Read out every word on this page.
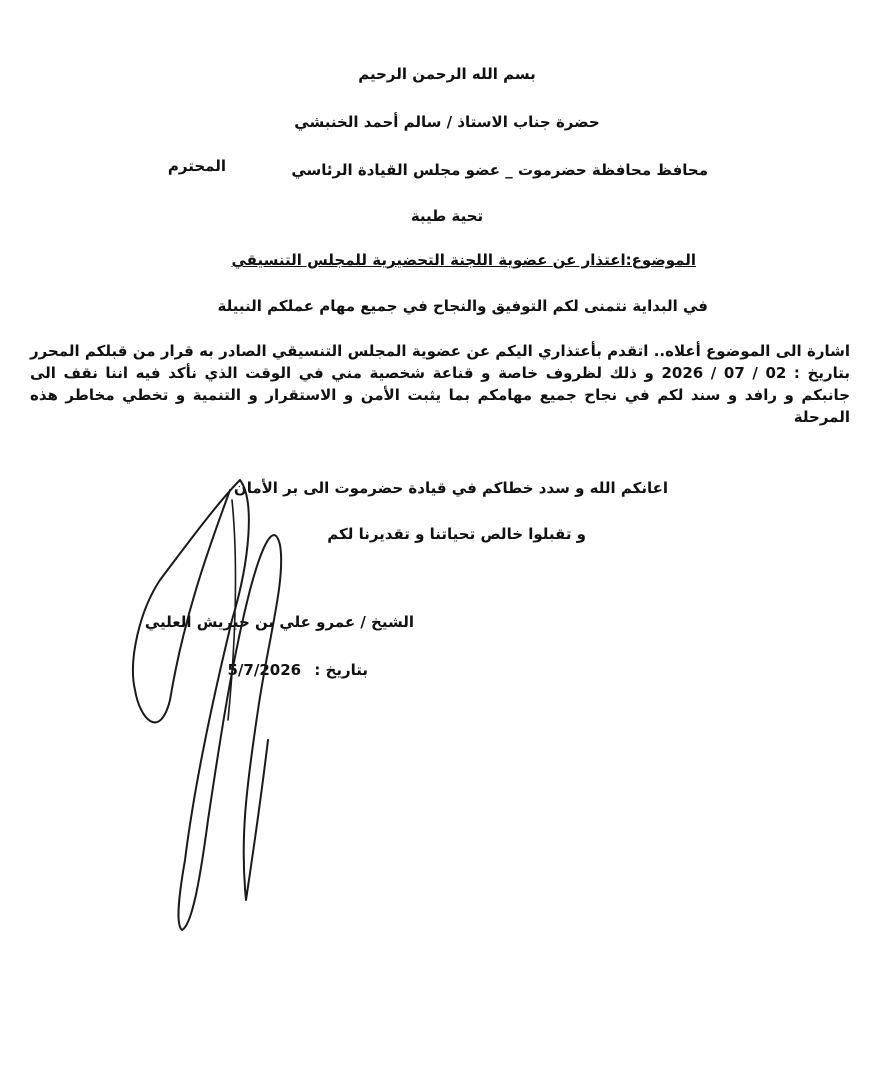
بسم الله الرحمن الرحيم
حضرة جناب الاستاذ / سالم أحمد الخنبشي
محافظ محافظة حضرموت _ عضو مجلس القيادة الرئاسي
المحترم
تحية طيبة
الموضوع:اعتذار عن عضوية اللجنة التحضيرية للمجلس التنسيقي
في البداية نتمنى لكم التوفيق والنجاح في جميع مهام عملكم النبيلة
اشارة الى الموضوع أعلاه.. اتقدم بأعتذاري اليكم عن عضوية المجلس التنسيقي الصادر به قرار من قبلكم المحرر بتاريخ : 02 / 07 / 2026 و ذلك لظروف خاصة و قناعة شخصية مني في الوقت الذي نأكد فيه اننا نقف الى جانبكم و رافد و سند لكم في نجاح جميع مهامكم بما يثبت الأمن و الاستقرار و التنمية و تخطي مخاطر هذه المرحلة
اعانكم الله و سدد خطاكم في قيادة حضرموت الى بر الأمان
و تقبلوا خالص تحياتنا و تقديرنا لكم
الشيخ / عمرو علي بن حبريش العليي
بتاريخ : 5/7/2026
